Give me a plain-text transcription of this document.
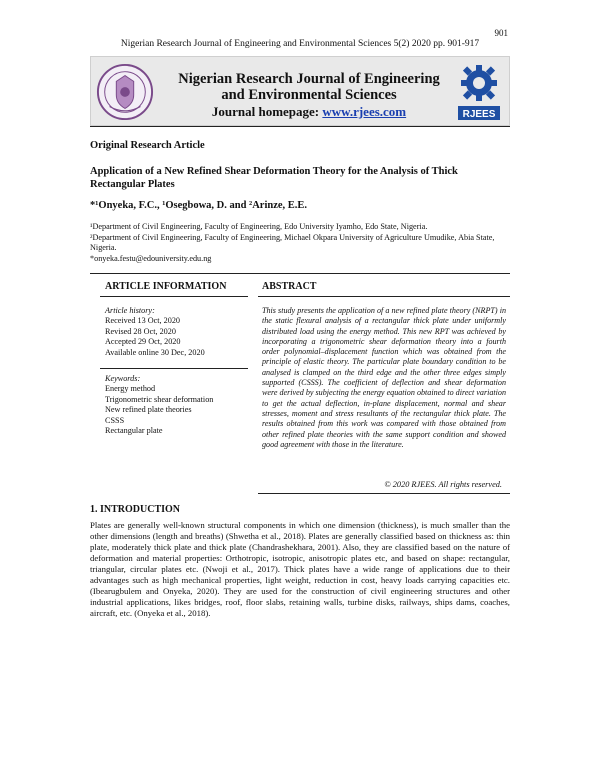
901
Nigerian Research Journal of Engineering and Environmental Sciences 5(2) 2020 pp. 901-917
Nigerian Research Journal of Engineering and Environmental Sciences
Journal homepage: www.rjees.com	RJEES
Original Research Article
Application of a New Refined Shear Deformation Theory for the Analysis of Thick Rectangular Plates
*¹Onyeka, F.C., ¹Osegbowa, D. and ²Arinze, E.E.
¹Department of Civil Engineering, Faculty of Engineering, Edo University Iyamho, Edo State, Nigeria.
²Department of Civil Engineering, Faculty of Engineering, Michael Okpara University of Agriculture Umudike, Abia State, Nigeria.
*onyeka.festu@edouniversity.edu.ng
ARTICLE INFORMATION	ABSTRACT
Article history:
Received 13 Oct, 2020
Revised 28 Oct, 2020
Accepted 29 Oct, 2020
Available online 30 Dec, 2020
Keywords:
Energy method
Trigonometric shear deformation
New refined plate theories
CSSS
Rectangular plate
This study presents the application of a new refined plate theory (NRPT) in the static flexural analysis of a rectangular thick plate under uniformly distributed load using the energy method. This new RPT was achieved by incorporating a trigonometric shear deformation theory into a fourth order polynomial–displacement function which was obtained from the principle of elastic theory. The particular plate boundary condition to be analysed is clamped on the third edge and the other three edges simply supported (CSSS). The coefficient of deflection and shear deformation were derived by subjecting the energy equation obtained to direct variation to get the actual deflection, in-plane displacement, normal and shear stresses, moment and stress resultants of the rectangular thick plate. The results obtained from this work was compared with those obtained from other refined plate theories with the same support condition and showed good agreement with those in the literature.
© 2020 RJEES. All rights reserved.
1. INTRODUCTION
Plates are generally well-known structural components in which one dimension (thickness), is much smaller than the other dimensions (length and breaths) (Shwetha et al., 2018). Plates are generally classified based on thickness as: thin plate, moderately thick plate and thick plate (Chandrashekhara, 2001). Also, they are classified based on the nature of deformation and material properties: Orthotropic, isotropic, anisotropic plates etc, and based on shape: rectangular, triangular, circular plates etc. (Nwoji et al., 2017). Thick plates have a wide range of applications due to their advantages such as high mechanical properties, light weight, reduction in cost, heavy loads carrying capacities etc. (Ibearugbulem and Onyeka, 2020). They are used for the construction of civil engineering structures and other industrial applications, likes bridges, roof, floor slabs, retaining walls, turbine disks, railways, ships dams, coaches, aircraft, etc. (Onyeka et al., 2018).
